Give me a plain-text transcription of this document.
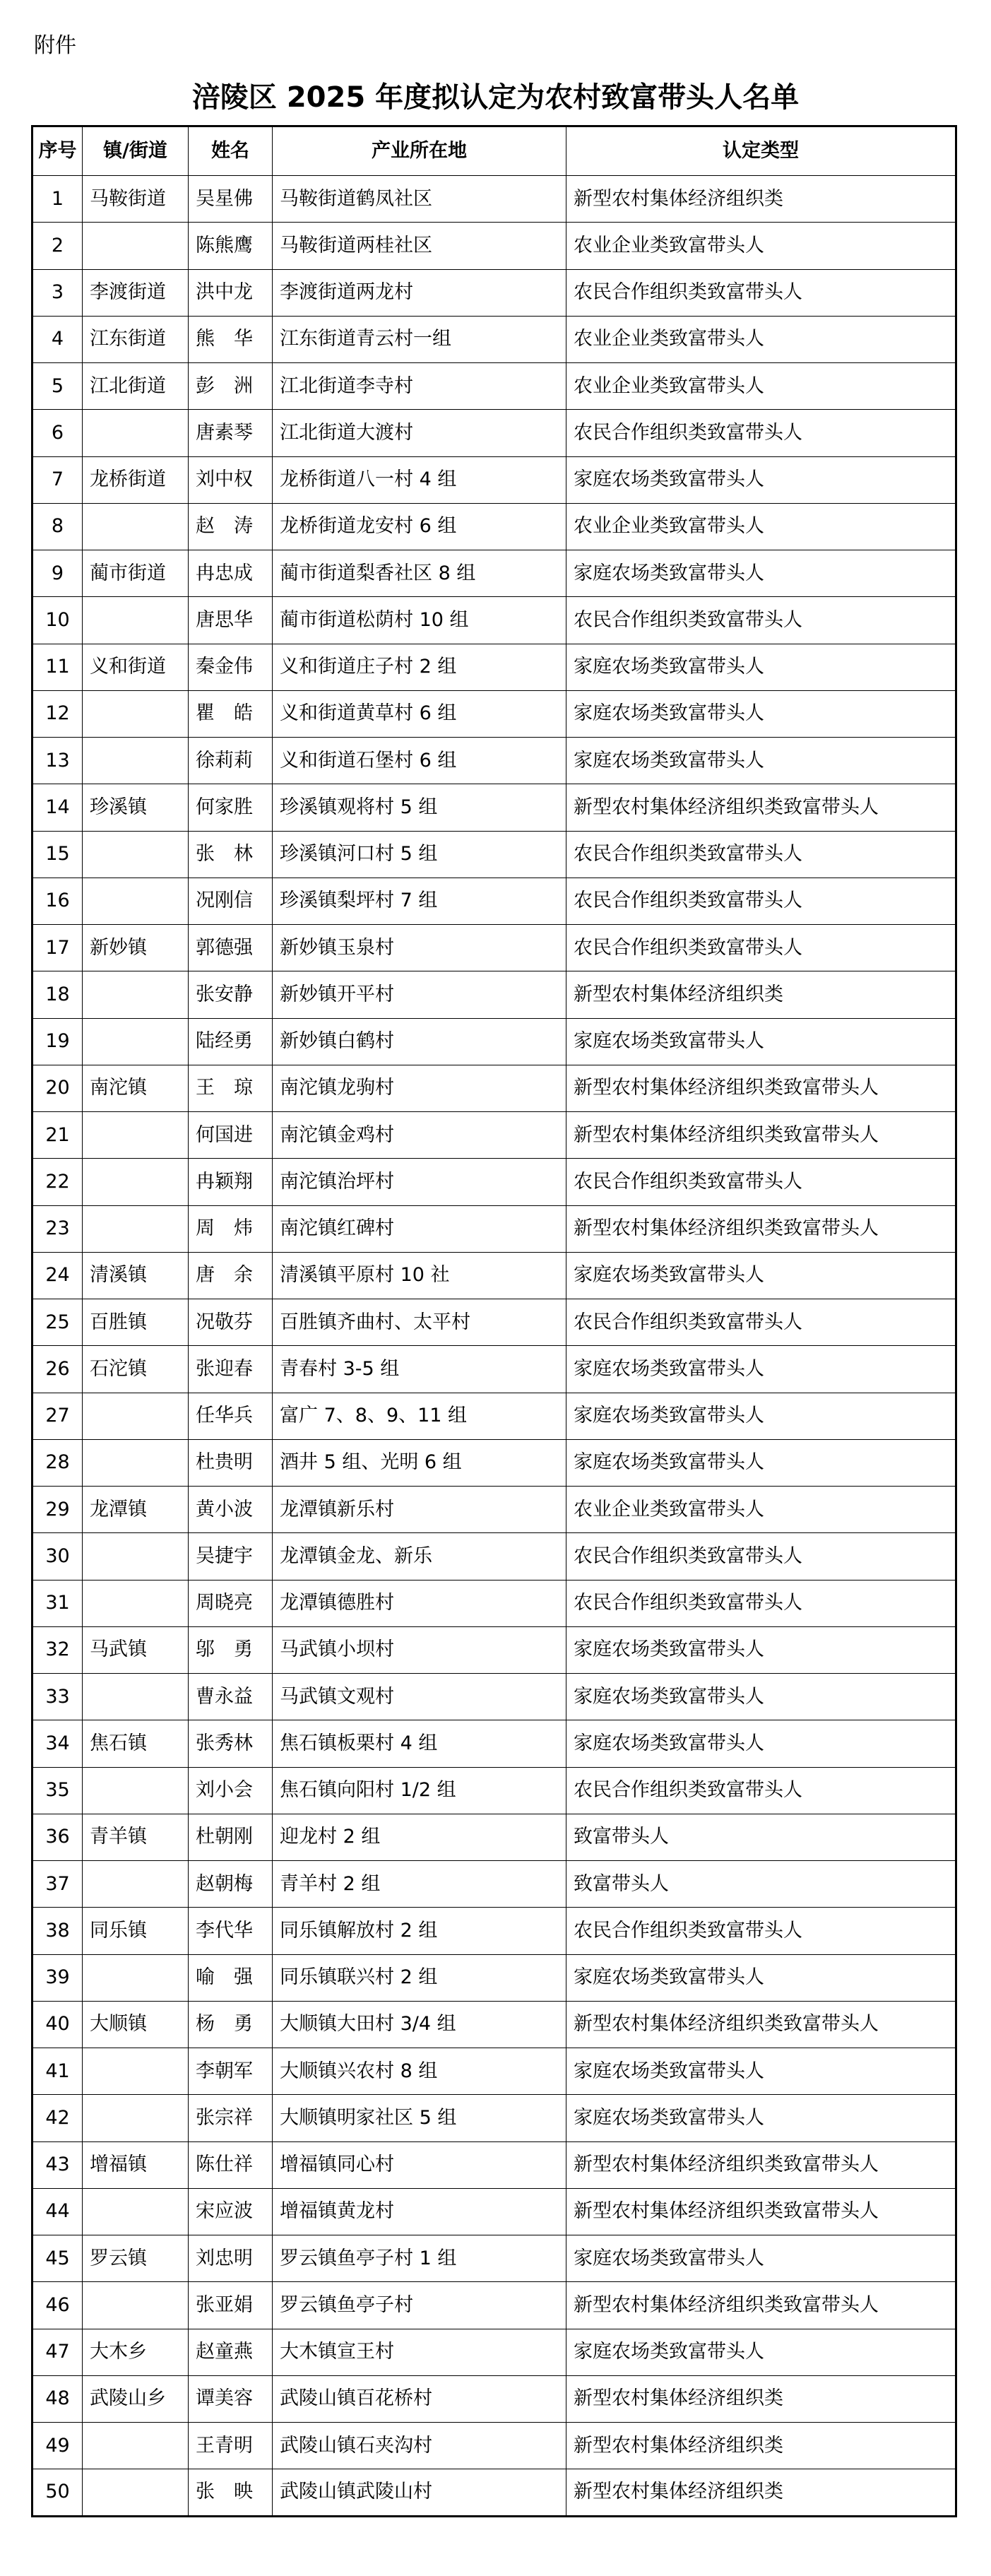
附件
涪陵区 2025 年度拟认定为农村致富带头人名单
序号	镇/街道	姓名	产业所在地	认定类型
1	马鞍街道	吴星佛	马鞍街道鹤凤社区	新型农村集体经济组织类
2		陈熊鹰	马鞍街道两桂社区	农业企业类致富带头人
3	李渡街道	洪中龙	李渡街道两龙村	农民合作组织类致富带头人
4	江东街道	熊　华	江东街道青云村一组	农业企业类致富带头人
5	江北街道	彭　洲	江北街道李寺村	农业企业类致富带头人
6		唐素琴	江北街道大渡村	农民合作组织类致富带头人
7	龙桥街道	刘中权	龙桥街道八一村 4 组	家庭农场类致富带头人
8		赵　涛	龙桥街道龙安村 6 组	农业企业类致富带头人
9	蔺市街道	冉忠成	蔺市街道梨香社区 8 组	家庭农场类致富带头人
10		唐思华	蔺市街道松荫村 10 组	农民合作组织类致富带头人
11	义和街道	秦金伟	义和街道庄子村 2 组	家庭农场类致富带头人
12		瞿　皓	义和街道黄草村 6 组	家庭农场类致富带头人
13		徐莉莉	义和街道石堡村 6 组	家庭农场类致富带头人
14	珍溪镇	何家胜	珍溪镇观将村 5 组	新型农村集体经济组织类致富带头人
15		张　林	珍溪镇河口村 5 组	农民合作组织类致富带头人
16		况刚信	珍溪镇梨坪村 7 组	农民合作组织类致富带头人
17	新妙镇	郭德强	新妙镇玉泉村	农民合作组织类致富带头人
18		张安静	新妙镇开平村	新型农村集体经济组织类
19		陆经勇	新妙镇白鹤村	家庭农场类致富带头人
20	南沱镇	王　琼	南沱镇龙驹村	新型农村集体经济组织类致富带头人
21		何国进	南沱镇金鸡村	新型农村集体经济组织类致富带头人
22		冉颖翔	南沱镇治坪村	农民合作组织类致富带头人
23		周　炜	南沱镇红碑村	新型农村集体经济组织类致富带头人
24	清溪镇	唐　余	清溪镇平原村 10 社	家庭农场类致富带头人
25	百胜镇	况敬芬	百胜镇齐曲村、太平村	农民合作组织类致富带头人
26	石沱镇	张迎春	青春村 3-5 组	家庭农场类致富带头人
27		任华兵	富广 7、8、9、11 组	家庭农场类致富带头人
28		杜贵明	酒井 5 组、光明 6 组	家庭农场类致富带头人
29	龙潭镇	黄小波	龙潭镇新乐村	农业企业类致富带头人
30		吴捷宇	龙潭镇金龙、新乐	农民合作组织类致富带头人
31		周晓亮	龙潭镇德胜村	农民合作组织类致富带头人
32	马武镇	邬　勇	马武镇小坝村	家庭农场类致富带头人
33		曹永益	马武镇文观村	家庭农场类致富带头人
34	焦石镇	张秀林	焦石镇板栗村 4 组	家庭农场类致富带头人
35		刘小会	焦石镇向阳村 1/2 组	农民合作组织类致富带头人
36	青羊镇	杜朝刚	迎龙村 2 组	致富带头人
37		赵朝梅	青羊村 2 组	致富带头人
38	同乐镇	李代华	同乐镇解放村 2 组	农民合作组织类致富带头人
39		喻　强	同乐镇联兴村 2 组	家庭农场类致富带头人
40	大顺镇	杨　勇	大顺镇大田村 3/4 组	新型农村集体经济组织类致富带头人
41		李朝军	大顺镇兴农村 8 组	家庭农场类致富带头人
42		张宗祥	大顺镇明家社区 5 组	家庭农场类致富带头人
43	增福镇	陈仕祥	增福镇同心村	新型农村集体经济组织类致富带头人
44		宋应波	增福镇黄龙村	新型农村集体经济组织类致富带头人
45	罗云镇	刘忠明	罗云镇鱼亭子村 1 组	家庭农场类致富带头人
46		张亚娟	罗云镇鱼亭子村	新型农村集体经济组织类致富带头人
47	大木乡	赵童燕	大木镇宣王村	家庭农场类致富带头人
48	武陵山乡	谭美容	武陵山镇百花桥村	新型农村集体经济组织类
49		王青明	武陵山镇石夹沟村	新型农村集体经济组织类
50		张　映	武陵山镇武陵山村	新型农村集体经济组织类
